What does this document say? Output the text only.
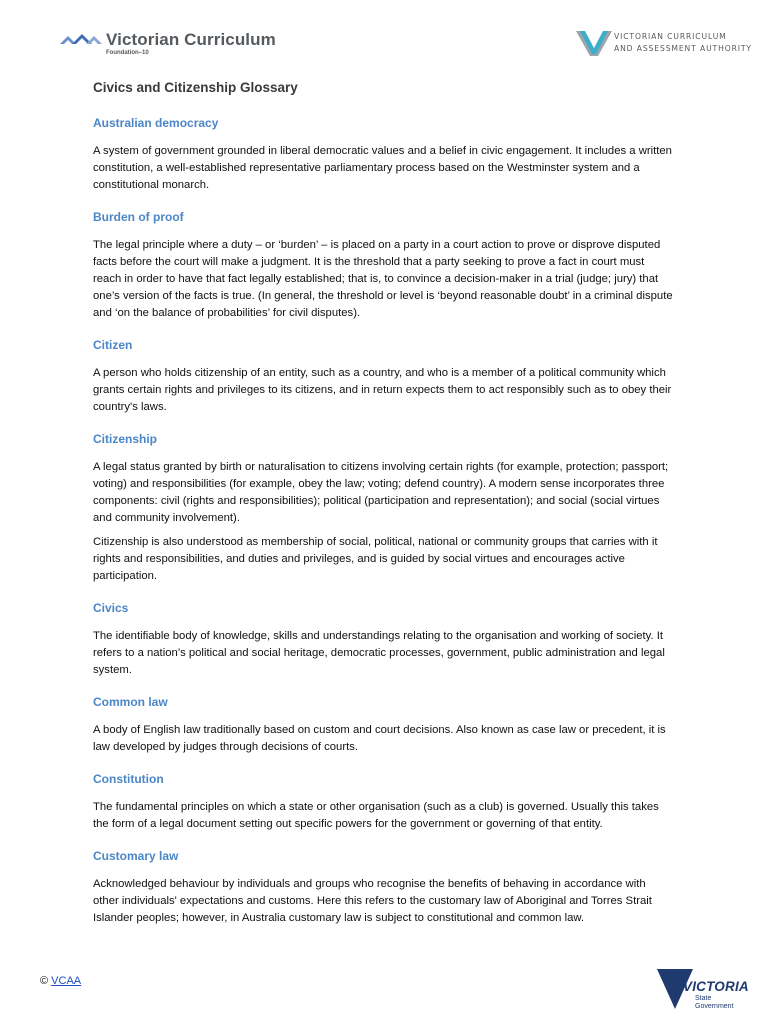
Victorian Curriculum
Foundation–10
VICTORIAN CURRICULUM
AND ASSESSMENT AUTHORITY
Civics and Citizenship Glossary
Australian democracy

A system of government grounded in liberal democratic values and a belief in civic engagement. It includes a written constitution, a well-established representative parliamentary process based on the Westminster system and a constitutional monarch.

Burden of proof

The legal principle where a duty – or ‘burden’ – is placed on a party in a court action to prove or disprove disputed facts before the court will make a judgment. It is the threshold that a party seeking to prove a fact in court must reach in order to have that fact legally established; that is, to convince a decision-maker in a trial (judge; jury) that one’s version of the facts is true. (In general, the threshold or level is ‘beyond reasonable doubt’ in a criminal dispute and ‘on the balance of probabilities’ for civil disputes).

Citizen

A person who holds citizenship of an entity, such as a country, and who is a member of a political community which grants certain rights and privileges to its citizens, and in return expects them to act responsibly such as to obey their country's laws.

Citizenship

A legal status granted by birth or naturalisation to citizens involving certain rights (for example, protection; passport; voting) and responsibilities (for example, obey the law; voting; defend country). A modern sense incorporates three components: civil (rights and responsibilities); political (participation and representation); and social (social virtues and community involvement).

Citizenship is also understood as membership of social, political, national or community groups that carries with it rights and responsibilities, and duties and privileges, and is guided by social virtues and encourages active participation.

Civics

The identifiable body of knowledge, skills and understandings relating to the organisation and working of society. It refers to a nation’s political and social heritage, democratic processes, government, public administration and legal system.

Common law

A body of English law traditionally based on custom and court decisions. Also known as case law or precedent, it is law developed by judges through decisions of courts.

Constitution

The fundamental principles on which a state or other organisation (such as a club) is governed. Usually this takes the form of a legal document setting out specific powers for the government or governing of that entity.

Customary law

Acknowledged behaviour by individuals and groups who recognise the benefits of behaving in accordance with other individuals' expectations and customs. Here this refers to the customary law of Aboriginal and Torres Strait Islander peoples; however, in Australia customary law is subject to constitutional and common law.

© VCAA	VICTORIA
State
Government
